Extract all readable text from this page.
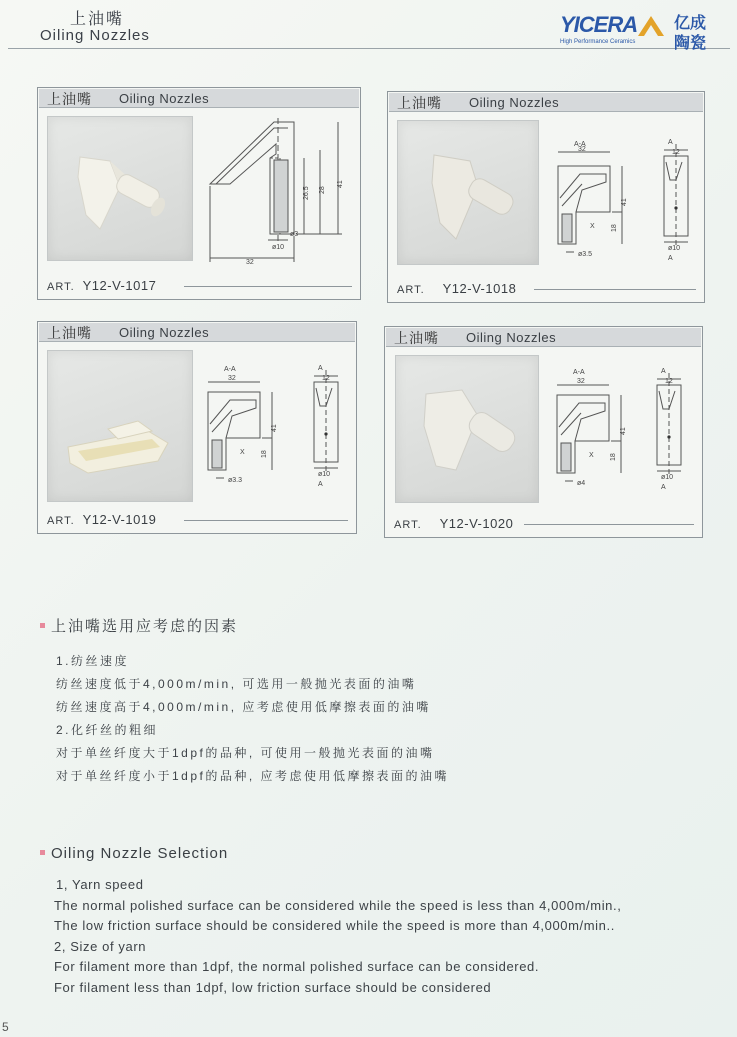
上油嘴
Oiling Nozzles	YICERA 亿成
陶瓷
High Performance Ceramics
上油嘴 Oiling Nozzles
26.5 28
41
ø3
ø10
32
ART. Y12-V-1017
上油嘴 Oiling Nozzles
A-A
32
41
18
X
ø3.5
A
12
ø10
A
ART. Y12-V-1018
上油嘴 Oiling Nozzles
A-A
32
41
18
X
ø3.3
A
12
ø10
A
ART. Y12-V-1019
上油嘴 Oiling Nozzles
A-A
32
41
18
X
ø4
A
12
ø10
A
ART. Y12-V-1020
上油嘴选用应考虑的因素
1.纺丝速度
纺丝速度低于4,000m/min, 可选用一般抛光表面的油嘴
纺丝速度高于4,000m/min, 应考虑使用低摩擦表面的油嘴
2.化纤丝的粗细
对于单丝纤度大于1dpf的品种, 可使用一般抛光表面的油嘴
对于单丝纤度小于1dpf的品种, 应考虑使用低摩擦表面的油嘴
Oiling Nozzle Selection
1, Yarn speed
The normal polished surface can be considered while the speed is less than 4,000m/min.,
The low friction surface should be considered while the speed is more than 4,000m/min..
2, Size of yarn
For filament more than 1dpf, the normal polished surface can be considered.
For filament less than 1dpf, low friction surface should be considered
5
